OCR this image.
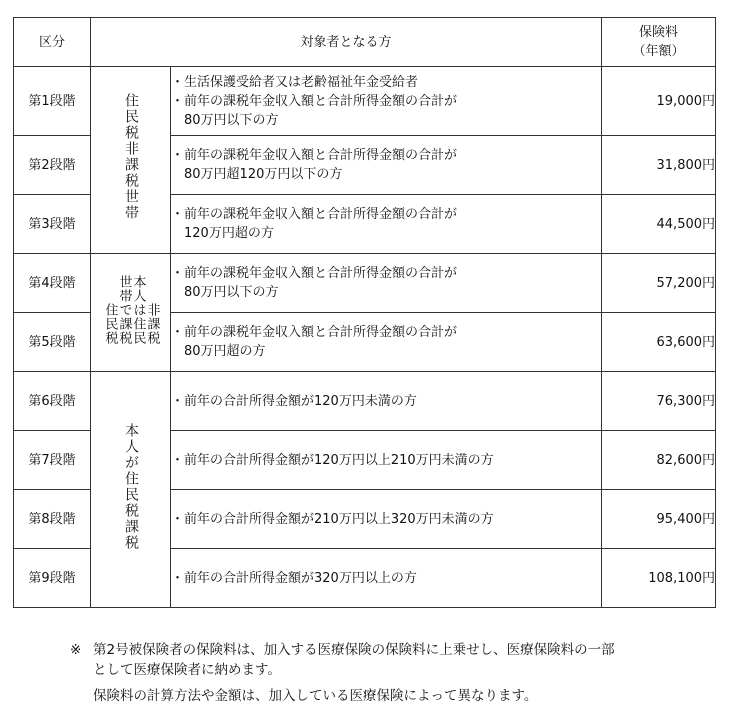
区分	対象者となる方		保険料
（年額）

第1段階	住民税非課税世帯	・生活保護受給者又は老齢福祉年金受給者
・前年の課税年金収入額と合計所得金額の合計が
　80万円以下の方	19,000円
第2段階		・前年の課税年金収入額と合計所得金額の合計が
　80万円超120万円以下の方	31,800円
第3段階		・前年の課税年金収入額と合計所得金額の合計が
　120万円超の方	44,500円
第4段階	住民税世帯で課税本人は住民非課税	・前年の課税年金収入額と合計所得金額の合計が
　80万円以下の方	57,200円
第5段階		・前年の課税年金収入額と合計所得金額の合計が
　80万円超の方	63,600円
第6段階	本人が住民税課税	・前年の合計所得金額が120万円未満の方	76,300円
第7段階		・前年の合計所得金額が120万円以上210万円未満の方	82,600円
第8段階		・前年の合計所得金額が210万円以上320万円未満の方	95,400円
第9段階		・前年の合計所得金額が320万円以上の方	108,100円
※ 第2号被保険者の保険料は、加入する医療保険の保険料に上乗せし、医療保険料の一部
として医療保険者に納めます。
保険料の計算方法や金額は、加入している医療保険によって異なります。
